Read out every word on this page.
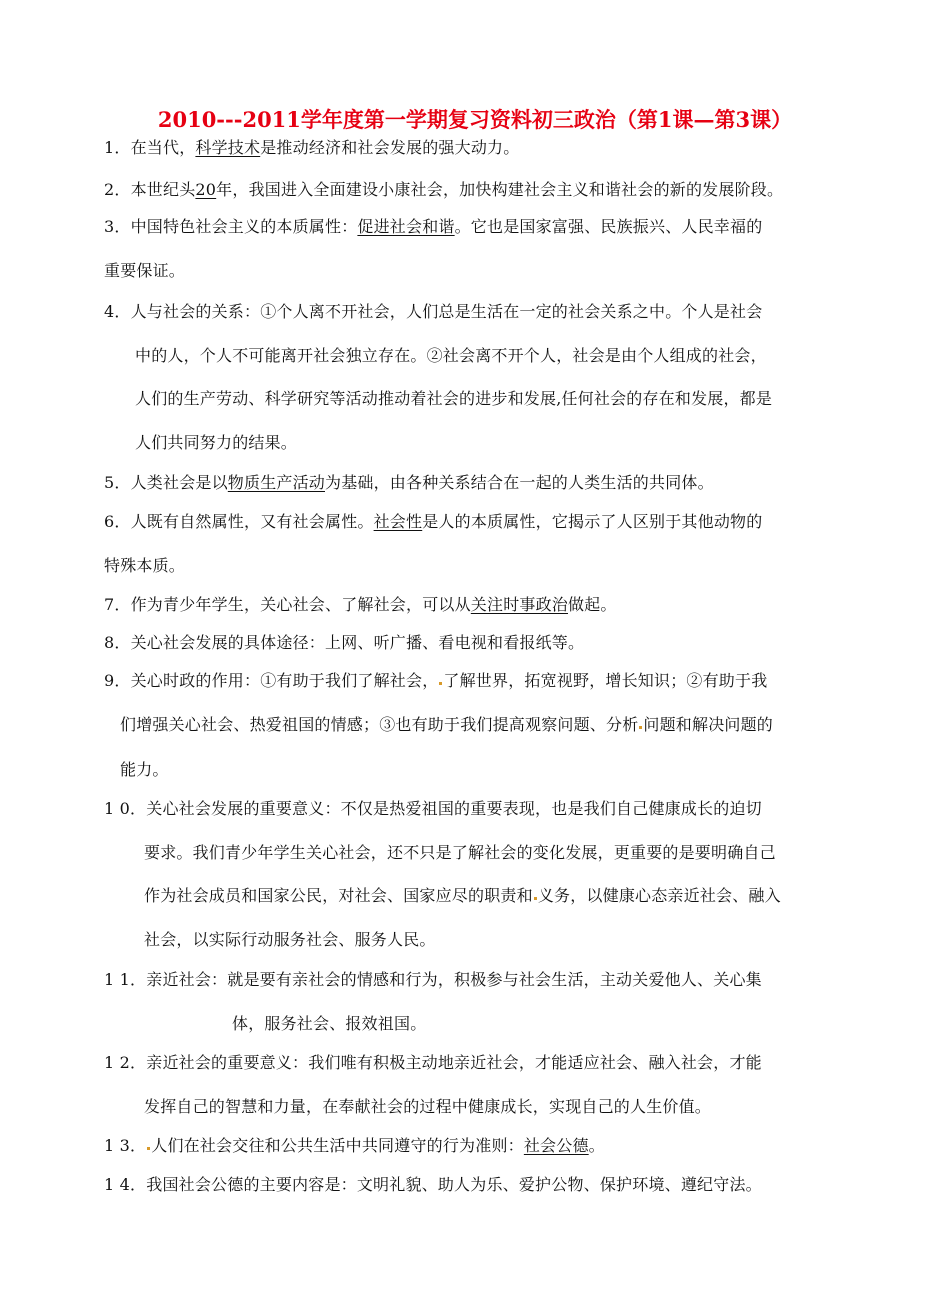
2010---2011学年度第一学期复习资料初三政治（第1课—第3课）
1．在当代，科学技术是推动经济和社会发展的强大动力。
2．本世纪头20年，我国进入全面建设小康社会，加快构建社会主义和谐社会的新的发展阶段。
3．中国特色社会主义的本质属性：促进社会和谐。它也是国家富强、民族振兴、人民幸福的
重要保证。
4．人与社会的关系：①个人离不开社会，人们总是生活在一定的社会关系之中。个人是社会
中的人，个人不可能离开社会独立存在。②社会离不开个人，社会是由个人组成的社会，
人们的生产劳动、科学研究等活动推动着社会的进步和发展,任何社会的存在和发展，都是
人们共同努力的结果。
5．人类社会是以物质生产活动为基础，由各种关系结合在一起的人类生活的共同体。
6．人既有自然属性，又有社会属性。社会性是人的本质属性，它揭示了人区别于其他动物的
特殊本质。
7．作为青少年学生，关心社会、了解社会，可以从关注时事政治做起。
8．关心社会发展的具体途径：上网、听广播、看电视和看报纸等。
9．关心时政的作用：①有助于我们了解社会， 了解世界，拓宽视野，增长知识；②有助于我
们增强关心社会、热爱祖国的情感；③也有助于我们提高观察问题、分析 问题和解决问题的
能力。
1 0．关心社会发展的重要意义：不仅是热爱祖国的重要表现，也是我们自己健康成长的迫切
要求。我们青少年学生关心社会，还不只是了解社会的变化发展，更重要的是要明确自己
作为社会成员和国家公民，对社会、国家应尽的职责和 义务，以健康心态亲近社会、融入
社会，以实际行动服务社会、服务人民。
1 1．亲近社会：就是要有亲社会的情感和行为，积极参与社会生活，主动关爱他人、关心集
体，服务社会、报效祖国。
1 2．亲近社会的重要意义：我们唯有积极主动地亲近社会，才能适应社会、融入社会，才能
发挥自己的智慧和力量，在奉献社会的过程中健康成长，实现自己的人生价值。
1 3． 人们在社会交往和公共生活中共同遵守的行为准则：社会公德。
1 4．我国社会公德的主要内容是：文明礼貌、助人为乐、爱护公物、保护环境、遵纪守法。
